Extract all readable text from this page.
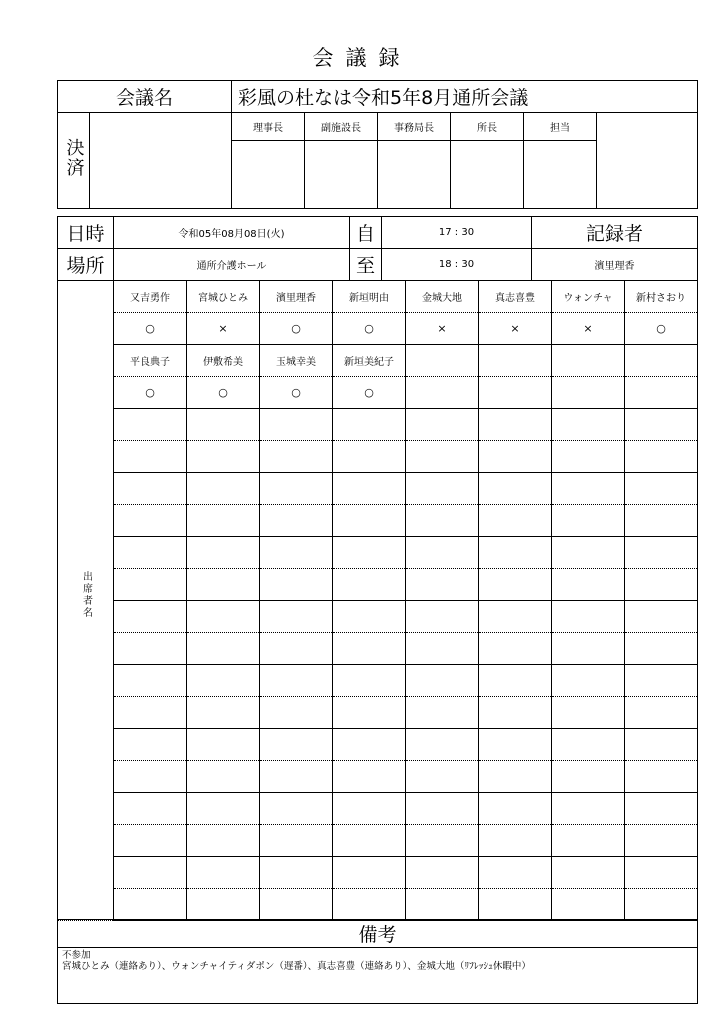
会議録
会議名		彩風の杜なは令和5年8月通所会議					
決済		理事長	副施設長	事務局長	所長	担当	

日時	令和05年08月08日(火)	自	17 : 30	記録者
場所	通所介護ホール	至	18 : 30	濱里理香
出席者名	又吉勇作	宮城ひとみ	濱里理香	新垣明由	金城大地	真志喜豊	ウォンチャ	新村さおり
	○	×	○	○	×	×	×	○
	平良典子	伊敷希美	玉城幸美	新垣美紀子				
	○	○	○	○				

備考

不参加
宮城ひとみ（連絡あり）、ウォンチャイティダポン（遅番）、真志喜豊（連絡あり）、金城大地（ﾘﾌﾚｯｼｭ休暇中）
